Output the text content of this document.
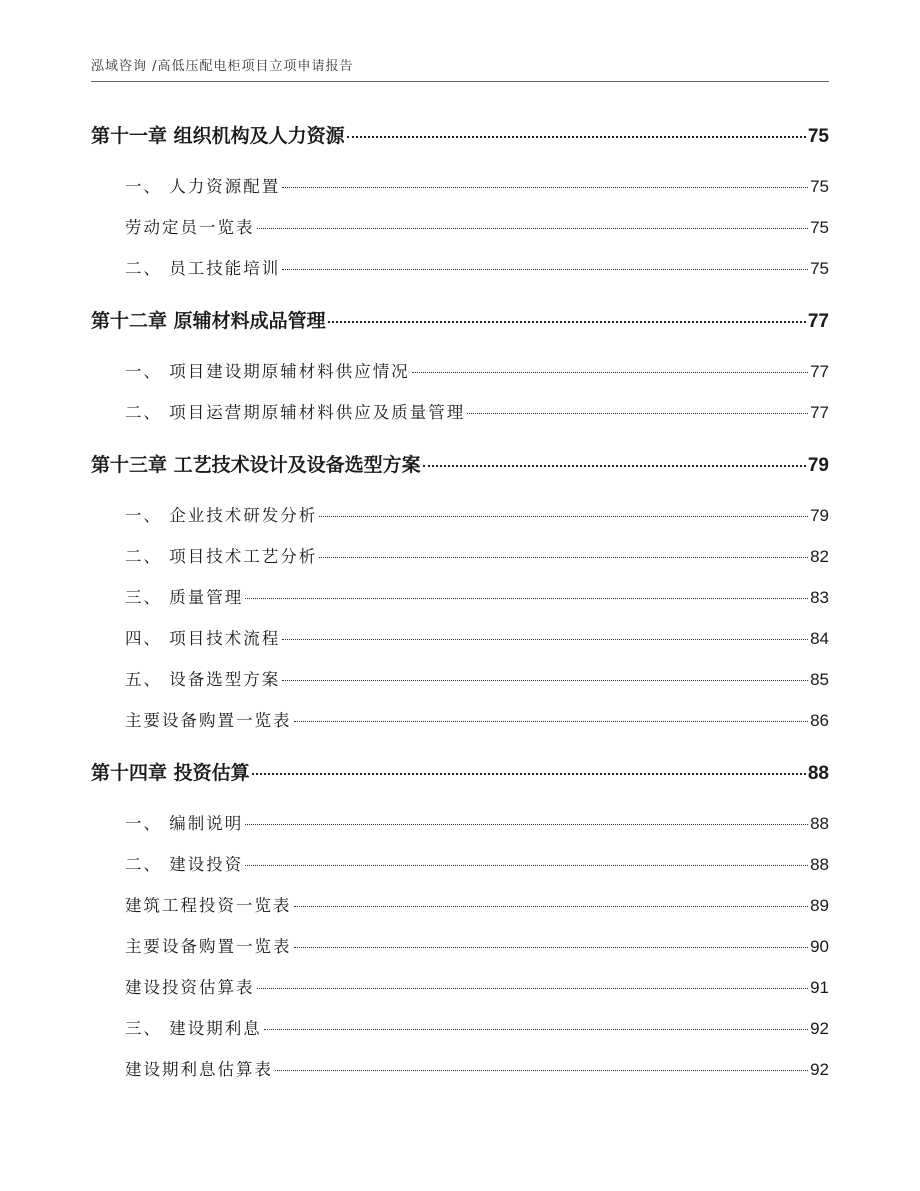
泓域咨询 /高低压配电柜项目立项申请报告
第十一章 组织机构及人力资源	75
一、 人力资源配置	75
劳动定员一览表	75
二、 员工技能培训	75
第十二章 原辅材料成品管理	77
一、 项目建设期原辅材料供应情况	77
二、 项目运营期原辅材料供应及质量管理	77
第十三章 工艺技术设计及设备选型方案	79
一、 企业技术研发分析	79
二、 项目技术工艺分析	82
三、 质量管理	83
四、 项目技术流程	84
五、 设备选型方案	85
主要设备购置一览表	86
第十四章 投资估算	88
一、 编制说明	88
二、 建设投资	88
建筑工程投资一览表	89
主要设备购置一览表	90
建设投资估算表	91
三、 建设期利息	92
建设期利息估算表	92
